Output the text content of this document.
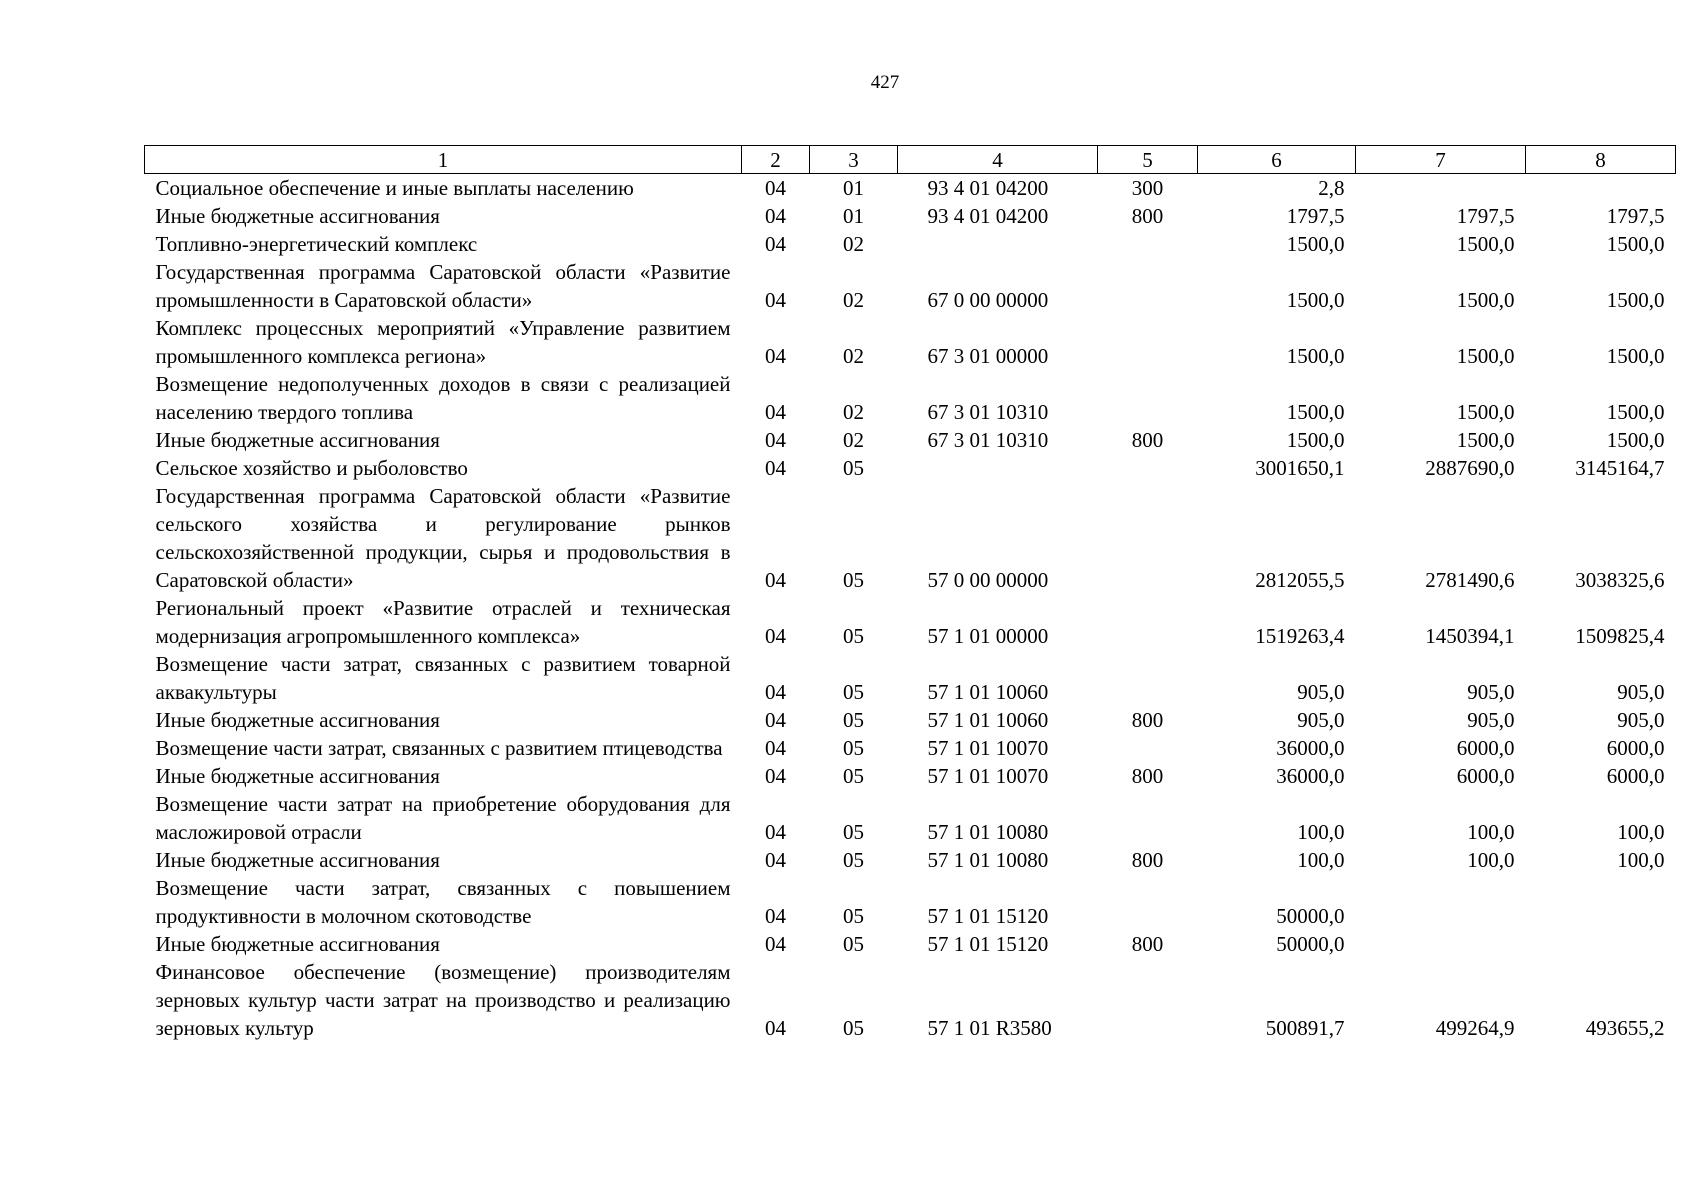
427
1	2	3	4	5	6	7	8
Социальное обеспечение и иные выплаты населению	04	01	93 4 01 04200	300	2,8		
Иные бюджетные ассигнования	04	01	93 4 01 04200	800	1797,5	1797,5	1797,5
Топливно-энергетический комплекс	04	02			1500,0	1500,0	1500,0
Государственная программа Саратовской области «Развитие промышленности в Саратовской области»	04	02	67 0 00 00000		1500,0	1500,0	1500,0
Комплекс процессных мероприятий «Управление развитием промышленного комплекса региона»	04	02	67 3 01 00000		1500,0	1500,0	1500,0
Возмещение недополученных доходов в связи с реализацией населению твердого топлива	04	02	67 3 01 10310		1500,0	1500,0	1500,0
Иные бюджетные ассигнования	04	02	67 3 01 10310	800	1500,0	1500,0	1500,0
Сельское хозяйство и рыболовство	04	05			3001650,1	2887690,0	3145164,7
Государственная программа Саратовской области «Развитие сельского хозяйства и регулирование рынков сельскохозяйственной продукции, сырья и продовольствия в Саратовской области»	04	05	57 0 00 00000		2812055,5	2781490,6	3038325,6
Региональный проект «Развитие отраслей и техническая модернизация агропромышленного комплекса»	04	05	57 1 01 00000		1519263,4	1450394,1	1509825,4
Возмещение части затрат, связанных с развитием товарной аквакультуры	04	05	57 1 01 10060		905,0	905,0	905,0
Иные бюджетные ассигнования	04	05	57 1 01 10060	800	905,0	905,0	905,0
Возмещение части затрат, связанных с развитием птицеводства	04	05	57 1 01 10070		36000,0	6000,0	6000,0
Иные бюджетные ассигнования	04	05	57 1 01 10070	800	36000,0	6000,0	6000,0
Возмещение части затрат на приобретение оборудования для масложировой отрасли	04	05	57 1 01 10080		100,0	100,0	100,0
Иные бюджетные ассигнования	04	05	57 1 01 10080	800	100,0	100,0	100,0
Возмещение части затрат, связанных с повышением продуктивности в молочном скотоводстве	04	05	57 1 01 15120		50000,0		
Иные бюджетные ассигнования	04	05	57 1 01 15120	800	50000,0		
Финансовое обеспечение (возмещение) производителям зерновых культур части затрат на производство и реализацию зерновых культур	04	05	57 1 01 R3580		500891,7	499264,9	493655,2
